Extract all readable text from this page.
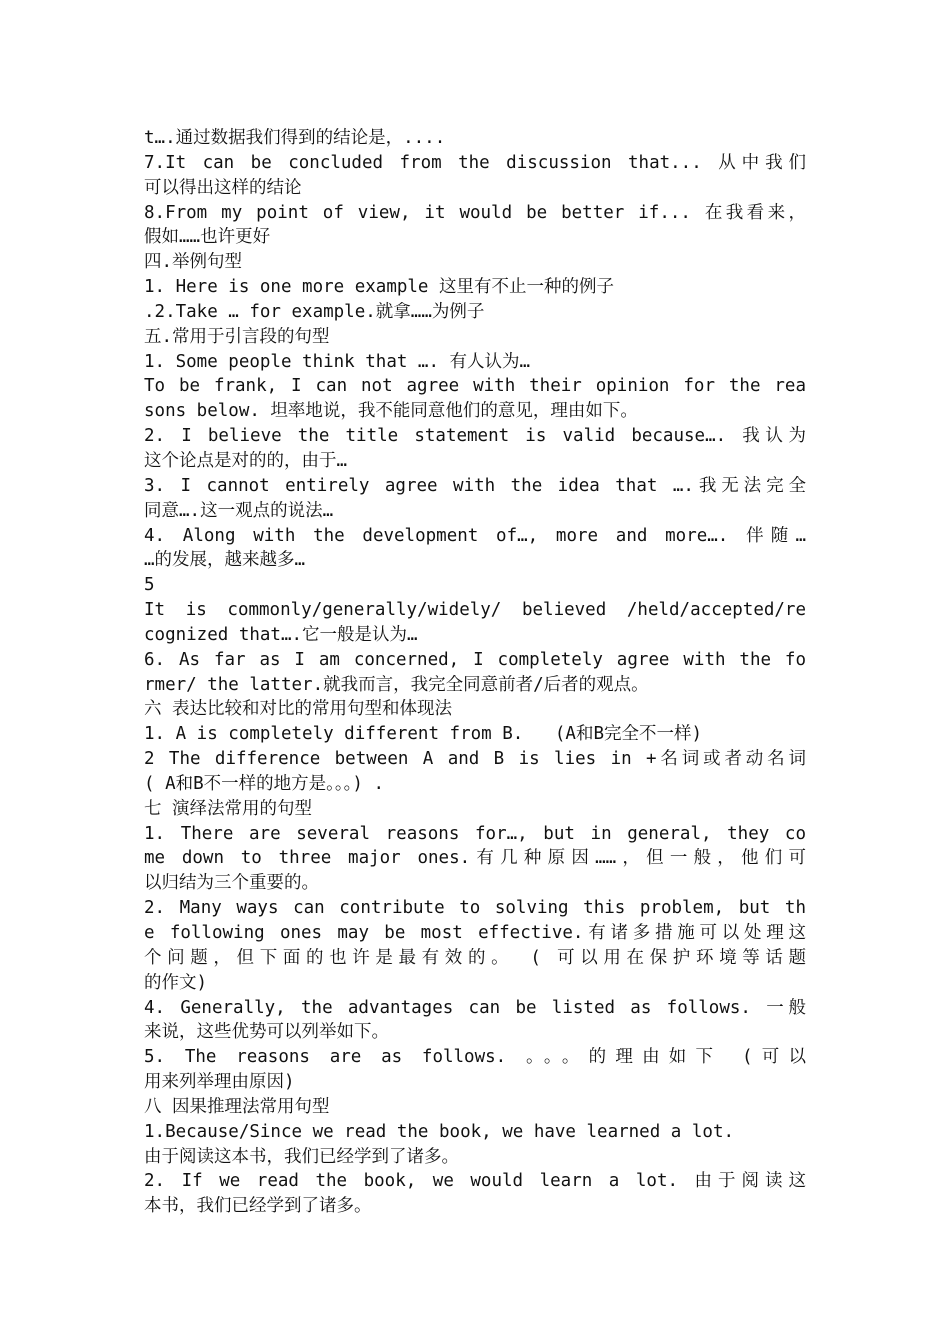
t….通过数据我们得到的结论是，....
7.It can be concluded from the discussion that... 从中我们
可以得出这样的结论
8.From my point of view, it would be better if... 在我看来，
假如……也许更好
四.举例句型
1. Here is one more example 这里有不止一种的例子
.2.Take … for example.就拿……为例子
五.常用于引言段的句型
1. Some people think that …. 有人认为…
To be frank, I can not agree with their opinion for the rea
sons below. 坦率地说，我不能同意他们的意见，理由如下。
2. I believe the title statement is valid because…. 我认为
这个论点是对的的，由于…
3. I cannot entirely agree with the idea that ….我无法完全
同意….这一观点的说法…
4. Along with the development of…, more and more…. 伴随…
…的发展，越来越多…
5
It is commonly/generally/widely/ believed /held/accepted/re
cognized that….它一般是认为…
6. As far as I am concerned, I completely agree with the fo
rmer/ the latter.就我而言，我完全同意前者/后者的观点。
六 表达比较和对比的常用句型和体现法
1. A is completely different from B.   (A和B完全不一样)
2 The difference between A and B is lies in +名词或者动名词
( A和B不一样的地方是。。。) .
七 演绎法常用的句型
1. There are several reasons for…, but in general, they co
me down to three major ones.有几种原因……，但一般，他们可
以归结为三个重要的。
2. Many ways can contribute to solving this problem, but th
e following ones may be most effective.有诸多措施可以处理这
个问题，但下面的也许是最有效的。 ( 可以用在保护环境等话题
的作文)
4. Generally, the advantages can be listed as follows. 一般
来说，这些优势可以列举如下。
5. The reasons are as follows. 。。。的理由如下 (可以
用来列举理由原因)
八 因果推理法常用句型
1.Because/Since we read the book, we have learned a lot.
由于阅读这本书，我们已经学到了诸多。
2. If we read the book, we would learn a lot. 由于阅读这
本书，我们已经学到了诸多。
